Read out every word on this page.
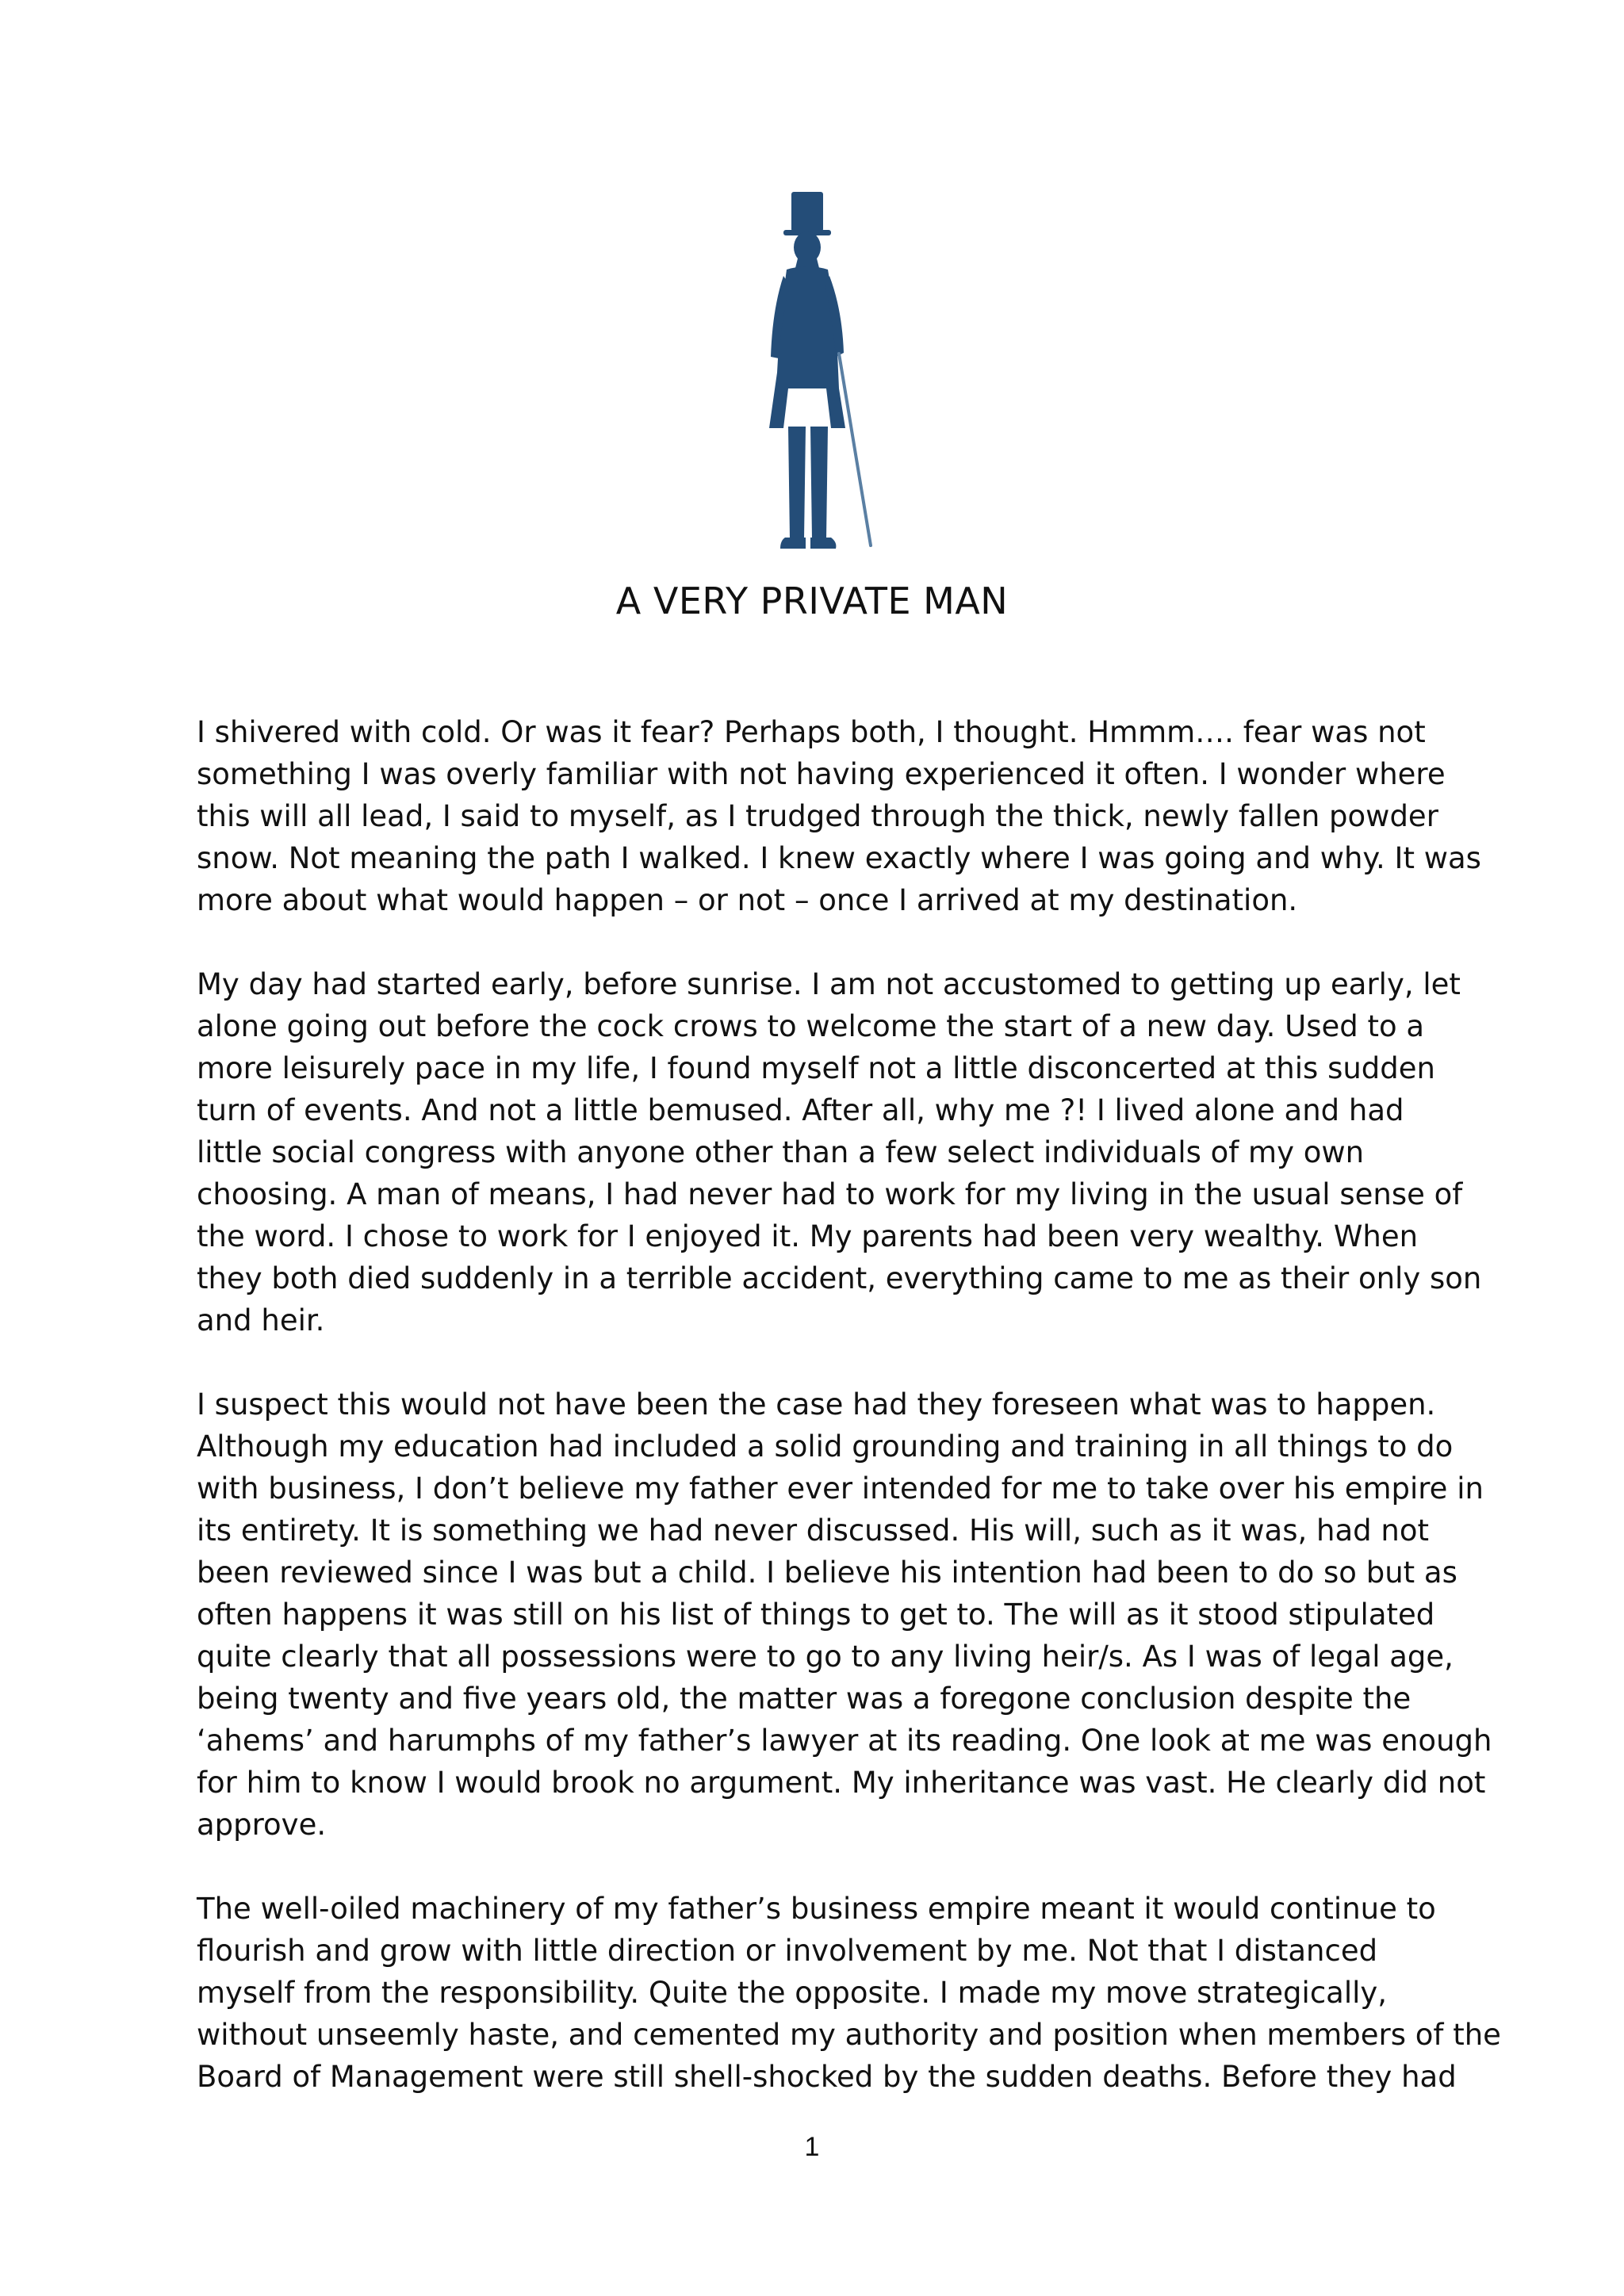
A VERY PRIVATE MAN
I shivered with cold. Or was it fear? Perhaps both, I thought. Hmmm…. fear was not
something I was overly familiar with not having experienced it often. I wonder where
this will all lead, I said to myself, as I trudged through the thick, newly fallen powder
snow. Not meaning the path I walked. I knew exactly where I was going and why. It was
more about what would happen – or not – once I arrived at my destination.
My day had started early, before sunrise. I am not accustomed to getting up early, let
alone going out before the cock crows to welcome the start of a new day. Used to a
more leisurely pace in my life, I found myself not a little disconcerted at this sudden
turn of events. And not a little bemused. After all, why me ?! I lived alone and had
little social congress with anyone other than a few select individuals of my own
choosing. A man of means, I had never had to work for my living in the usual sense of
the word. I chose to work for I enjoyed it. My parents had been very wealthy. When
they both died suddenly in a terrible accident, everything came to me as their only son
and heir.
I suspect this would not have been the case had they foreseen what was to happen.
Although my education had included a solid grounding and training in all things to do
with business, I don’t believe my father ever intended for me to take over his empire in
its entirety. It is something we had never discussed. His will, such as it was, had not
been reviewed since I was but a child. I believe his intention had been to do so but as
often happens it was still on his list of things to get to. The will as it stood stipulated
quite clearly that all possessions were to go to any living heir/s. As I was of legal age,
being twenty and five years old, the matter was a foregone conclusion despite the
‘ahems’ and harumphs of my father’s lawyer at its reading. One look at me was enough
for him to know I would brook no argument. My inheritance was vast. He clearly did not
approve.
The well-oiled machinery of my father’s business empire meant it would continue to
flourish and grow with little direction or involvement by me. Not that I distanced
myself from the responsibility. Quite the opposite. I made my move strategically,
without unseemly haste, and cemented my authority and position when members of the
Board of Management were still shell-shocked by the sudden deaths. Before they had
1
